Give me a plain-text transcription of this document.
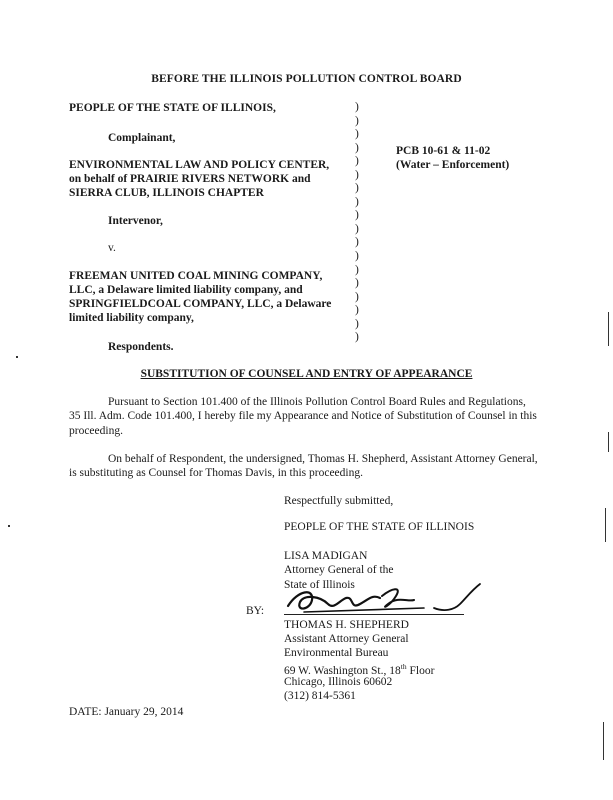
BEFORE THE ILLINOIS POLLUTION CONTROL BOARD
PEOPLE OF THE STATE OF ILLINOIS,
Complainant,
ENVIRONMENTAL LAW AND POLICY CENTER,
on behalf of PRAIRIE RIVERS NETWORK and
SIERRA CLUB, ILLINOIS CHAPTER
Intervenor,
v.
FREEMAN UNITED COAL MINING COMPANY,
LLC, a Delaware limited liability company, and
SPRINGFIELDCOAL COMPANY, LLC, a Delaware
limited liability company,
Respondents.
)
)
)
)
)
)
)
)
)
)
)
)
)
)
)
)
)
)
PCB 10-61 & 11-02
(Water – Enforcement)
SUBSTITUTION OF COUNSEL AND ENTRY OF APPEARANCE
Pursuant to Section 101.400 of the Illinois Pollution Control Board Rules and Regulations, 35 Ill. Adm. Code 101.400, I hereby file my Appearance and Notice of Substitution of Counsel in this proceeding.
On behalf of Respondent, the undersigned, Thomas H. Shepherd, Assistant Attorney General, is substituting as Counsel for Thomas Davis, in this proceeding.
Respectfully submitted,
PEOPLE OF THE STATE OF ILLINOIS
LISA MADIGAN
Attorney General of the
State of Illinois
BY:
THOMAS H. SHEPHERD
Assistant Attorney General
Environmental Bureau
69 W. Washington St., 18th Floor
Chicago, Illinois 60602
(312) 814-5361
DATE: January 29, 2014
